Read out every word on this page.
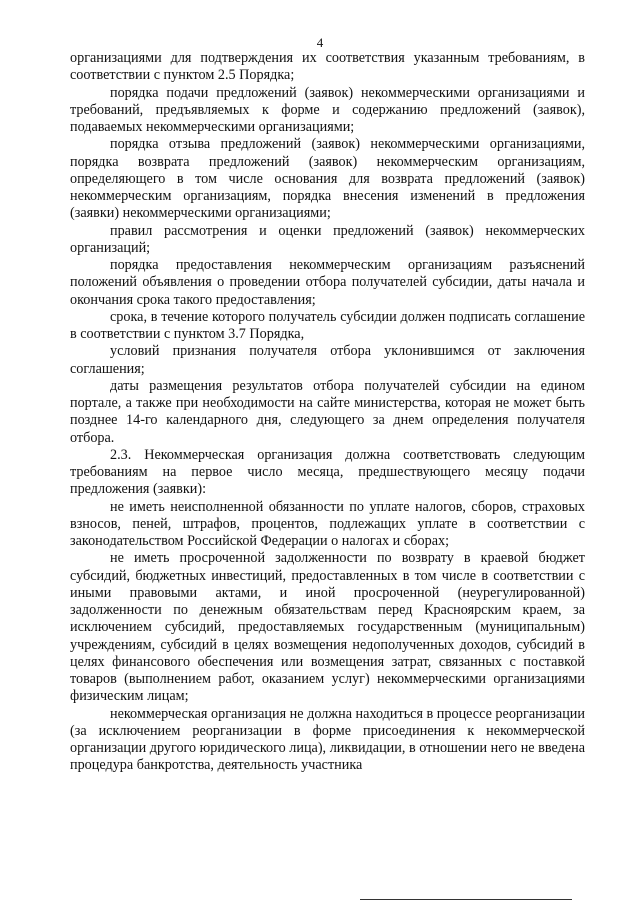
4

организациями для подтверждения их соответствия указанным требованиям, в соответствии с пунктом 2.5 Порядка;

порядка подачи предложений (заявок) некоммерческими организациями и требований, предъявляемых к форме и содержанию предложений (заявок), подаваемых некоммерческими организациями;

порядка отзыва предложений (заявок) некоммерческими организациями, порядка возврата предложений (заявок) некоммерческим организациям, определяющего в том числе основания для возврата предложений (заявок) некоммерческим организациям, порядка внесения изменений в предложения (заявки) некоммерческими организациями;

правил рассмотрения и оценки предложений (заявок) некоммерческих организаций;

порядка предоставления некоммерческим организациям разъяснений положений объявления о проведении отбора получателей субсидии, даты начала и окончания срока такого предоставления;

срока, в течение которого получатель субсидии должен подписать соглашение в соответствии с пунктом 3.7 Порядка,

условий признания получателя отбора уклонившимся от заключения соглашения;

даты размещения результатов отбора получателей субсидии на едином портале, а также при необходимости на сайте министерства, которая не может быть позднее 14-го календарного дня, следующего за днем определения получателя отбора.

2.3. Некоммерческая организация должна соответствовать следующим требованиям на первое число месяца, предшествующего месяцу подачи предложения (заявки):

не иметь неисполненной обязанности по уплате налогов, сборов, страховых взносов, пеней, штрафов, процентов, подлежащих уплате в соответствии с законодательством Российской Федерации о налогах и сборах;

не иметь просроченной задолженности по возврату в краевой бюджет субсидий, бюджетных инвестиций, предоставленных в том числе в соответствии с иными правовыми актами, и иной просроченной (неурегулированной) задолженности по денежным обязательствам перед Красноярским краем, за исключением субсидий, предоставляемых государственным (муниципальным) учреждениям, субсидий в целях возмещения недополученных доходов, субсидий в целях финансового обеспечения или возмещения затрат, связанных с поставкой товаров (выполнением работ, оказанием услуг) некоммерческими организациями физическим лицам;

некоммерческая организация не должна находиться в процессе реорганизации (за исключением реорганизации в форме присоединения к некоммерческой организации другого юридического лица), ликвидации, в отношении него не введена процедура банкротства, деятельность участника
